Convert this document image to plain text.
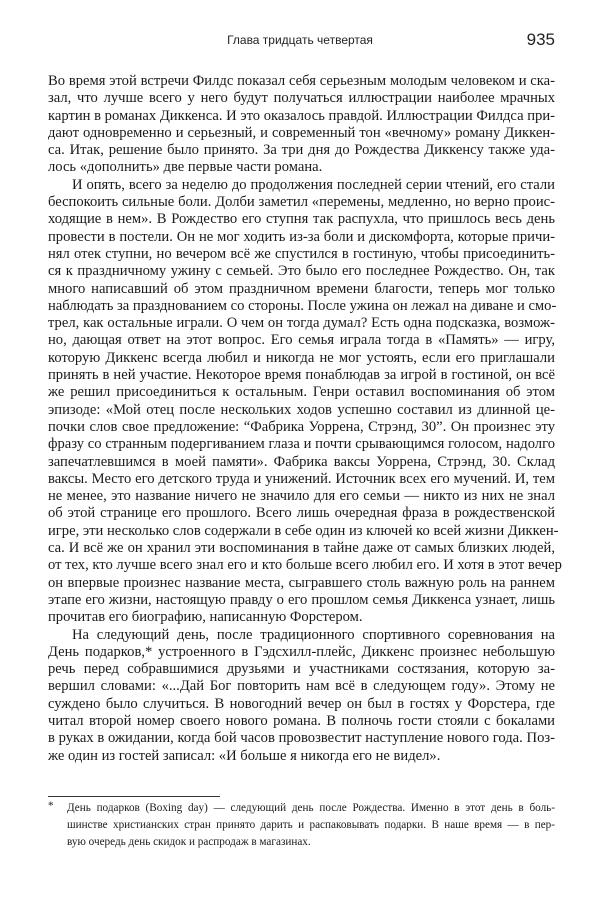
Глава тридцать четвертая	935
Во время этой встречи Филдс показал себя серьезным молодым человеком и ска-
зал, что лучше всего у него будут получаться иллюстрации наиболее мрачных
картин в романах Диккенса. И это оказалось правдой. Иллюстрации Филдса при-
дают одновременно и серьезный, и современный тон «вечному» роману Диккен-
са. Итак, решение было принято. За три дня до Рождества Диккенсу также уда-
лось «дополнить» две первые части романа.
И опять, всего за неделю до продолжения последней серии чтений, его стали
беспокоить сильные боли. Долби заметил «перемены, медленно, но верно проис-
ходящие в нем». В Рождество его ступня так распухла, что пришлось весь день
провести в постели. Он не мог ходить из-за боли и дискомфорта, которые причи-
нял отек ступни, но вечером всё же спустился в гостиную, чтобы присоединить-
ся к праздничному ужину с семьей. Это было его последнее Рождество. Он, так
много написавший об этом праздничном времени благости, теперь мог только
наблюдать за празднованием со стороны. После ужина он лежал на диване и смо-
трел, как остальные играли. О чем он тогда думал? Есть одна подсказка, возмож-
но, дающая ответ на этот вопрос. Его семья играла тогда в «Память» — игру,
которую Диккенс всегда любил и никогда не мог устоять, если его приглашали
принять в ней участие. Некоторое время понаблюдав за игрой в гостиной, он всё
же решил присоединиться к остальным. Генри оставил воспоминания об этом
эпизоде: «Мой отец после нескольких ходов успешно составил из длинной це-
почки слов свое предложение: “Фабрика Уоррена, Стрэнд, 30”. Он произнес эту
фразу со странным подергиванием глаза и почти срывающимся голосом, надолго
запечатлевшимся в моей памяти». Фабрика ваксы Уоррена, Стрэнд, 30. Склад
ваксы. Место его детского труда и унижений. Источник всех его мучений. И, тем
не менее, это название ничего не значило для его семьи — никто из них не знал
об этой странице его прошлого. Всего лишь очередная фраза в рождественской
игре, эти несколько слов содержали в себе один из ключей ко всей жизни Диккен-
са. И всё же он хранил эти воспоминания в тайне даже от самых близких людей,
от тех, кто лучше всего знал его и кто больше всего любил его. И хотя в этот вечер
он впервые произнес название места, сыгравшего столь важную роль на раннем
этапе его жизни, настоящую правду о его прошлом семья Диккенса узнает, лишь
прочитав его биографию, написанную Форстером.
На следующий день, после традиционного спортивного соревнования на
День подарков,* устроенного в Гэдсхилл-плейс, Диккенс произнес небольшую
речь перед собравшимися друзьями и участниками состязания, которую за-
вершил словами: «...Дай Бог повторить нам всё в следующем году». Этому не
суждено было случиться. В новогодний вечер он был в гостях у Форстера, где
читал второй номер своего нового романа. В полночь гости стояли с бокалами
в руках в ожидании, когда бой часов провозвестит наступление нового года. Поз-
же один из гостей записал: «И больше я никогда его не видел».
* День подарков (Boxing day) — следующий день после Рождества. Именно в этот день в боль-
шинстве христианских стран принято дарить и распаковывать подарки. В наше время — в пер-
вую очередь день скидок и распродаж в магазинах.
